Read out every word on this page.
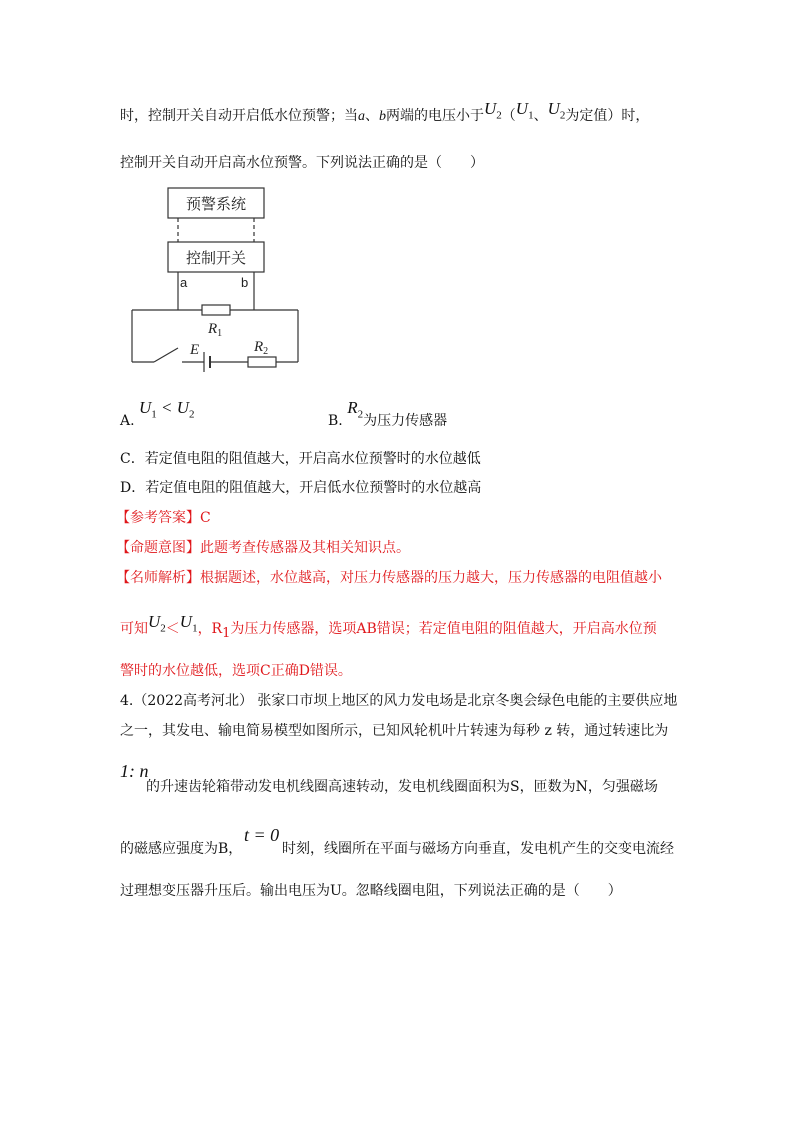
时，控制开关自动开启低水位预警；当a、b两端的电压小于$U_2(U_1$、$U_2$为定值）时，
控制开关自动开启高水位预警。下列说法正确的是（　　）
预警系统
控制开关
a	b
$R_1$
$R_2$
E
A. $U_1 < U_2$	B. $R_2$为压力传感器
C．若定值电阻的阻值越大，开启高水位预警时的水位越低
D．若定值电阻的阻值越大，开启低水位预警时的水位越高
【参考答案】C
【命题意图】此题考查传感器及其相关知识点。
【名师解析】根据题述，水位越高，对压力传感器的压力越大，压力传感器的电阻值越小
可知$U_2<U_1$，$R_1$为压力传感器，选项AB错误；若定值电阻的阻值越大，开启高水位预
警时的水位越低，选项C正确D错误。
4.（2022高考河北） 张家口市坝上地区的风力发电场是北京冬奥会绿色电能的主要供应地
之一，其发电、输电简易模型如图所示，已知风轮机叶片转速为每秒 z 转，通过转速比为
1: n
的升速齿轮箱带动发电机线圈高速转动，发电机线圈面积为S，匝数为N，匀强磁场
t = 0
的磁感应强度为B，	时刻，线圈所在平面与磁场方向垂直，发电机产生的交变电流经
过理想变压器升压后。输出电压为U。忽略线圈电阻，下列说法正确的是（　　）
